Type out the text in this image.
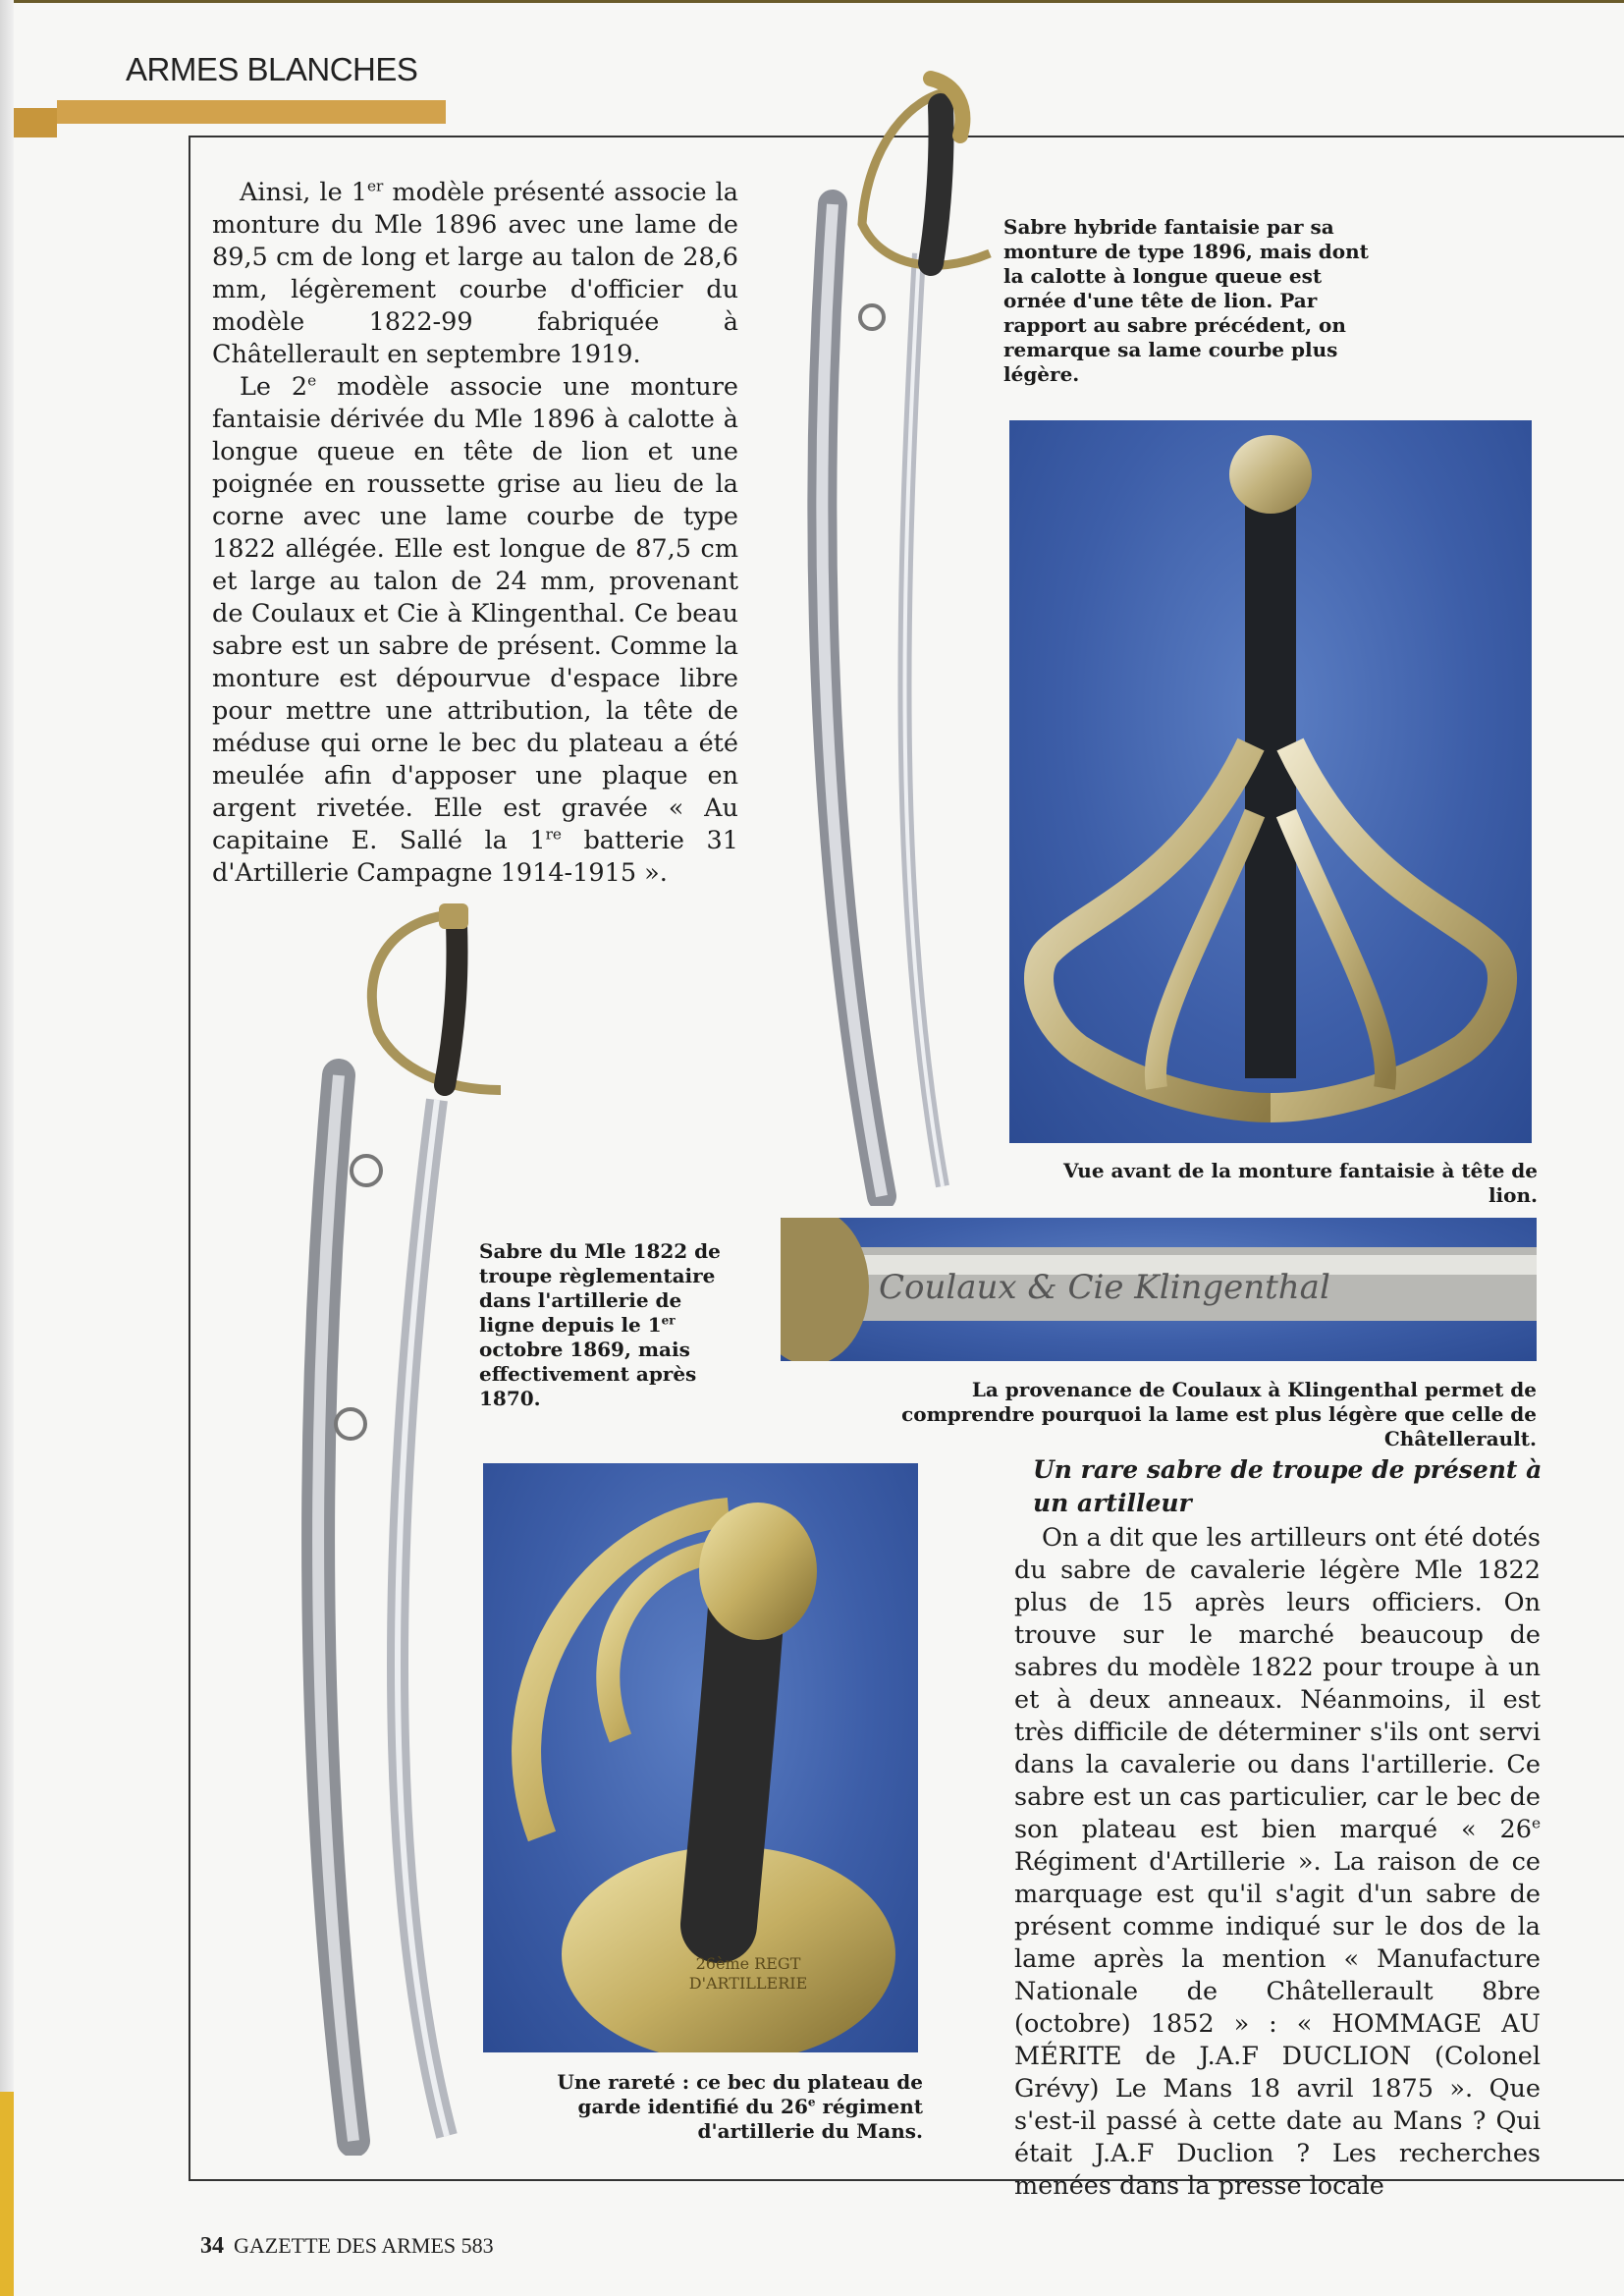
ARMES BLANCHES

Ainsi, le 1er modèle présenté associe la monture du Mle 1896 avec une lame de 89,5 cm de long et large au talon de 28,6 mm, légèrement courbe d'officier du modèle 1822-99 fabriquée à Châtellerault en septembre 1919.

Le 2e modèle associe une monture fantaisie dérivée du Mle 1896 à calotte à longue queue en tête de lion et une poignée en roussette grise au lieu de la corne avec une lame courbe de type 1822 allégée. Elle est longue de 87,5 cm et large au talon de 24 mm, provenant de Coulaux et Cie à Klingenthal. Ce beau sabre est un sabre de présent. Comme la monture est dépourvue d'espace libre pour mettre une attribution, la tête de méduse qui orne le bec du plateau a été meulée afin d'apposer une plaque en argent rivetée. Elle est gravée « Au capitaine E. Sallé la 1re batterie 31 d'Artillerie Campagne 1914-1915 ».

Sabre hybride fantaisie par sa monture de type 1896, mais dont la calotte à longue queue est ornée d'une tête de lion. Par rapport au sabre précédent, on remarque sa lame courbe plus légère.
Vue avant de la monture fantaisie à tête de lion.
Coulaux & Cie Klingenthal
La provenance de Coulaux à Klingenthal permet de comprendre pourquoi la lame est plus légère que celle de Châtellerault.
Sabre du Mle 1822 de troupe règlementaire dans l'artillerie de ligne depuis le 1er octobre 1869, mais effectivement après 1870.
26ème REGT
D'ARTILLERIE
Une rareté : ce bec du plateau de garde identifié du 26e régiment d'artillerie du Mans.
Un rare sabre de troupe de présent à un artilleur

On a dit que les artilleurs ont été dotés du sabre de cavalerie légère Mle 1822 plus de 15 après leurs officiers. On trouve sur le marché beaucoup de sabres du modèle 1822 pour troupe à un et à deux anneaux. Néanmoins, il est très difficile de déterminer s'ils ont servi dans la cavalerie ou dans l'artillerie. Ce sabre est un cas particulier, car le bec de son plateau est bien marqué « 26e Régiment d'Artillerie ». La raison de ce marquage est qu'il s'agit d'un sabre de présent comme indiqué sur le dos de la lame après la mention « Manufacture Nationale de Châtellerault 8bre (octobre) 1852 » : « HOMMAGE AU MÉRITE de J.A.F DUCLION (Colonel Grévy) Le Mans 18 avril 1875 ». Que s'est-il passé à cette date au Mans ? Qui était J.A.F Duclion ? Les recherches menées dans la presse locale

34 GAZETTE DES ARMES 583
